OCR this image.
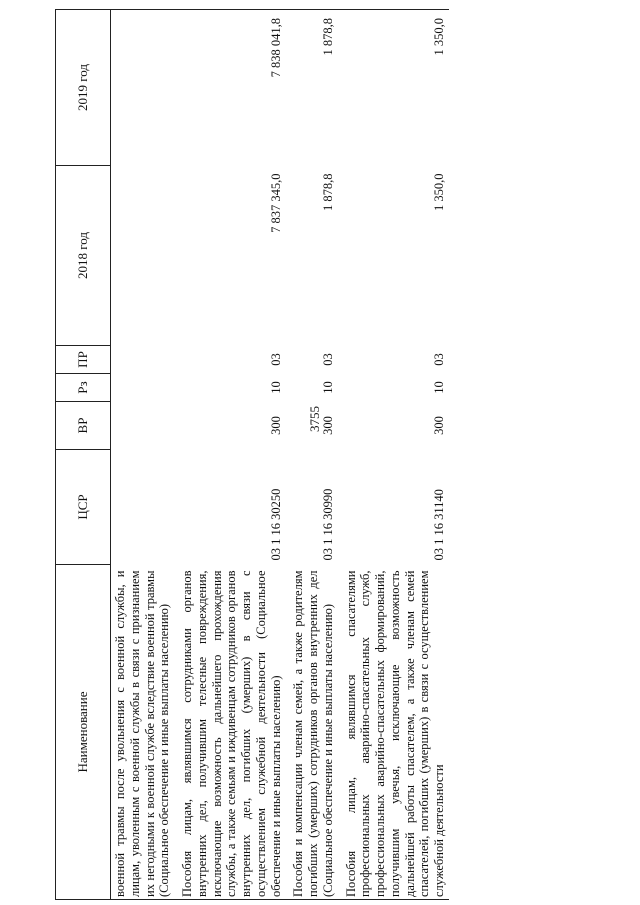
3755
Наименование	ЦСР	ВР	Рз	ПР	2018 год	2019 год
военной травмы после увольнения с военной службы, и лицам, уволенным с военной службы в связи с признанием их негодными к военной службе вследствие военной травмы (Социальное обеспечение и иные выплаты населению)						
Пособия лицам, являвшимся сотрудниками органов внутренних дел, получившим телесные повреждения, исключающие возможность дальнейшего прохождения службы, а также семьям и иждивенцам сотрудников органов внутренних дел, погибших (умерших) в связи с осуществлением служебной деятельности (Социальное обеспечение и иные выплаты населению)	03 1 16 30250	300	10	03	7 837 345,0	7 838 041,8
Пособия и компенсации членам семей, а также родителям погибших (умерших) сотрудников органов внутренних дел (Социальное обеспечение и иные выплаты населению)	03 1 16 30990	300	10	03	1 878,8	1 878,8
Пособия лицам, являвшимся спасателями профессиональных аварийно-спасательных служб, профессиональных аварийно-спасательных формирований, получившим увечья, исключающие возможность дальнейшей работы спасателем, а также членам семей спасателей, погибших (умерших) в связи с осуществлением служебной деятельности	03 1 16 31140	300	10	03	1 350,0	1 350,0
